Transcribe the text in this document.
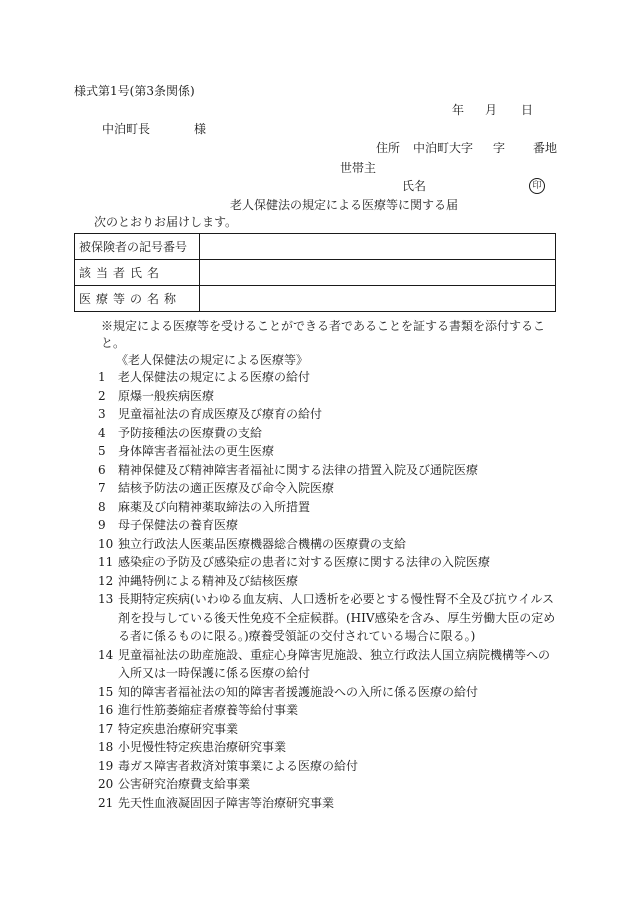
様式第1号(第3条関係)
年 月 日
中泊町長	様
住所 中泊町大字 字 番地
世帯主
氏名	印
老人保健法の規定による医療等に関する届
次のとおりお届けします。
被保険者の記号番号	
該当者氏名	
医療等の名称	
※規定による医療等を受けることができる者であることを証する書類を添付すること。
《老人保健法の規定による医療等》
1	老人保健法の規定による医療の給付
2	原爆一般疾病医療
3	児童福祉法の育成医療及び療育の給付
4	予防接種法の医療費の支給
5	身体障害者福祉法の更生医療
6	精神保健及び精神障害者福祉に関する法律の措置入院及び通院医療
7	結核予防法の適正医療及び命令入院医療
8	麻薬及び向精神薬取締法の入所措置
9	母子保健法の養育医療
10 独立行政法人医薬品医療機器総合機構の医療費の支給
11 感染症の予防及び感染症の患者に対する医療に関する法律の入院医療
12 沖縄特例による精神及び結核医療
13 長期特定疾病(いわゆる血友病、人口透析を必要とする慢性腎不全及び抗ウイルス剤を投与している後天性免疫不全症候群。(HIV感染を含み、厚生労働大臣の定める者に係るものに限る。)療養受領証の交付されている場合に限る。)
14 児童福祉法の助産施設、重症心身障害児施設、独立行政法人国立病院機構等への入所又は一時保護に係る医療の給付
15 知的障害者福祉法の知的障害者援護施設への入所に係る医療の給付
16 進行性筋萎縮症者療養等給付事業
17 特定疾患治療研究事業
18 小児慢性特定疾患治療研究事業
19 毒ガス障害者救済対策事業による医療の給付
20 公害研究治療費支給事業
21 先天性血液凝固因子障害等治療研究事業
